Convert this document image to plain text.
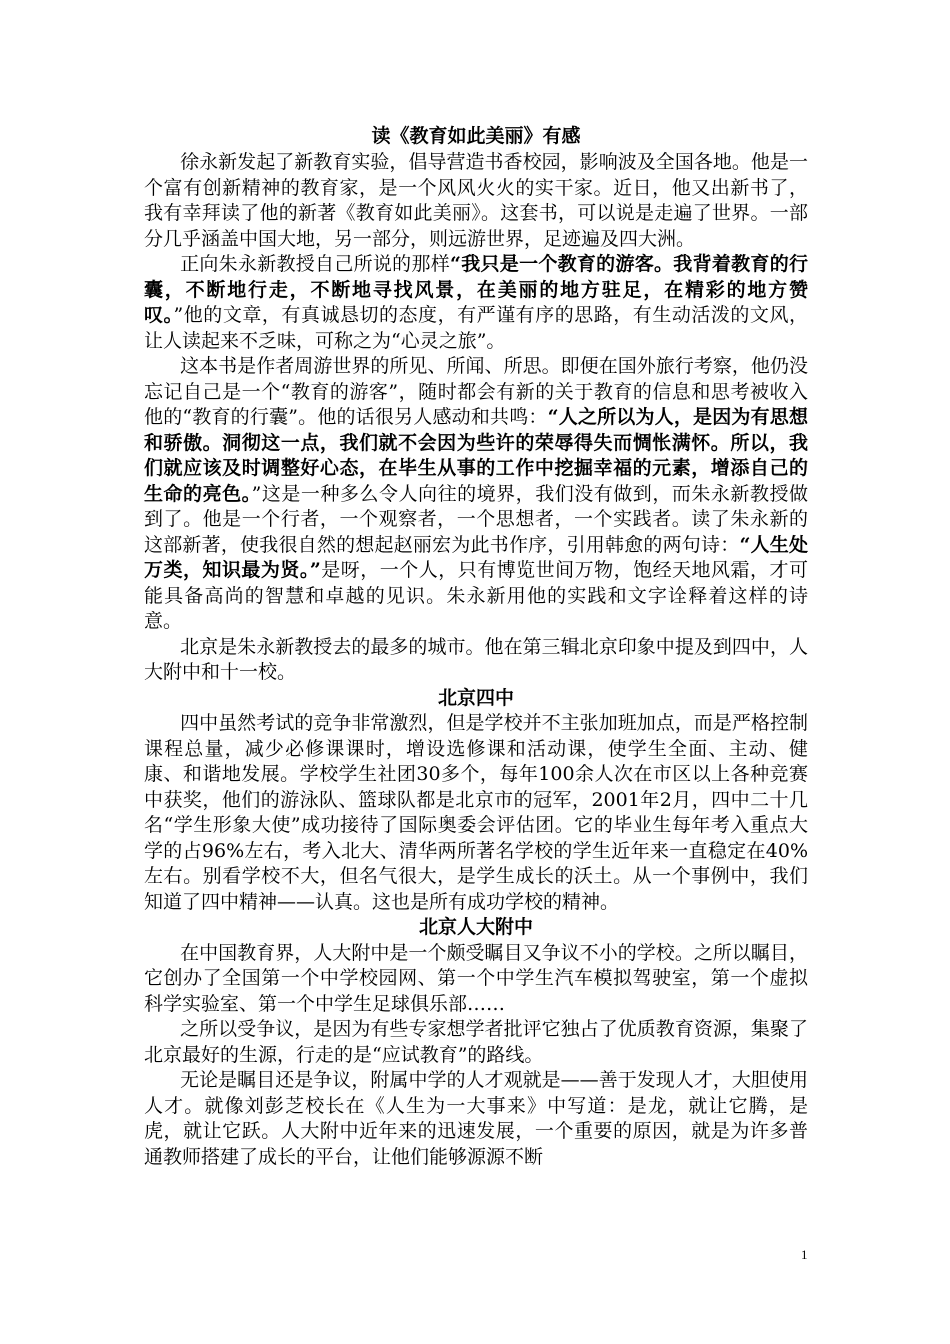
读《教育如此美丽》有感

徐永新发起了新教育实验，倡导营造书香校园，影响波及全国各地。他是一个富有创新精神的教育家，是一个风风火火的实干家。近日，他又出新书了，我有幸拜读了他的新著《教育如此美丽》。这套书，可以说是走遍了世界。一部分几乎涵盖中国大地，另一部分，则远游世界，足迹遍及四大洲。

正向朱永新教授自己所说的那样“我只是一个教育的游客。我背着教育的行囊，不断地行走，不断地寻找风景，在美丽的地方驻足，在精彩的地方赞叹。”他的文章，有真诚恳切的态度，有严谨有序的思路，有生动活泼的文风，让人读起来不乏味，可称之为“心灵之旅”。

这本书是作者周游世界的所见、所闻、所思。即便在国外旅行考察，他仍没忘记自己是一个“教育的游客”，随时都会有新的关于教育的信息和思考被收入他的“教育的行囊”。他的话很另人感动和共鸣：“人之所以为人，是因为有思想和骄傲。洞彻这一点，我们就不会因为些许的荣辱得失而惆怅满怀。所以，我们就应该及时调整好心态，在毕生从事的工作中挖掘幸福的元素，增添自己的生命的亮色。”这是一种多么令人向往的境界，我们没有做到，而朱永新教授做到了。他是一个行者，一个观察者，一个思想者，一个实践者。读了朱永新的这部新著，使我很自然的想起赵丽宏为此书作序，引用韩愈的两句诗：“人生处万类，知识最为贤。”是呀，一个人，只有博览世间万物，饱经天地风霜，才可能具备高尚的智慧和卓越的见识。朱永新用他的实践和文字诠释着这样的诗意。

北京是朱永新教授去的最多的城市。他在第三辑北京印象中提及到四中，人大附中和十一校。

北京四中

四中虽然考试的竞争非常激烈，但是学校并不主张加班加点，而是严格控制课程总量，减少必修课课时，增设选修课和活动课，使学生全面、主动、健康、和谐地发展。学校学生社团30多个，每年100余人次在市区以上各种竞赛中获奖，他们的游泳队、篮球队都是北京市的冠军，2001年2月，四中二十几名“学生形象大使”成功接待了国际奥委会评估团。它的毕业生每年考入重点大学的占96%左右，考入北大、清华两所著名学校的学生近年来一直稳定在40%左右。别看学校不大，但名气很大，是学生成长的沃土。从一个事例中，我们知道了四中精神——认真。这也是所有成功学校的精神。

北京人大附中

在中国教育界，人大附中是一个颇受瞩目又争议不小的学校。之所以瞩目，它创办了全国第一个中学校园网、第一个中学生汽车模拟驾驶室，第一个虚拟科学实验室、第一个中学生足球俱乐部……

之所以受争议，是因为有些专家想学者批评它独占了优质教育资源，集聚了北京最好的生源，行走的是“应试教育”的路线。

无论是瞩目还是争议，附属中学的人才观就是——善于发现人才，大胆使用人才。就像刘彭芝校长在《人生为一大事来》中写道：是龙，就让它腾，是虎，就让它跃。人大附中近年来的迅速发展，一个重要的原因，就是为许多普通教师搭建了成长的平台，让他们能够源源不断

1
